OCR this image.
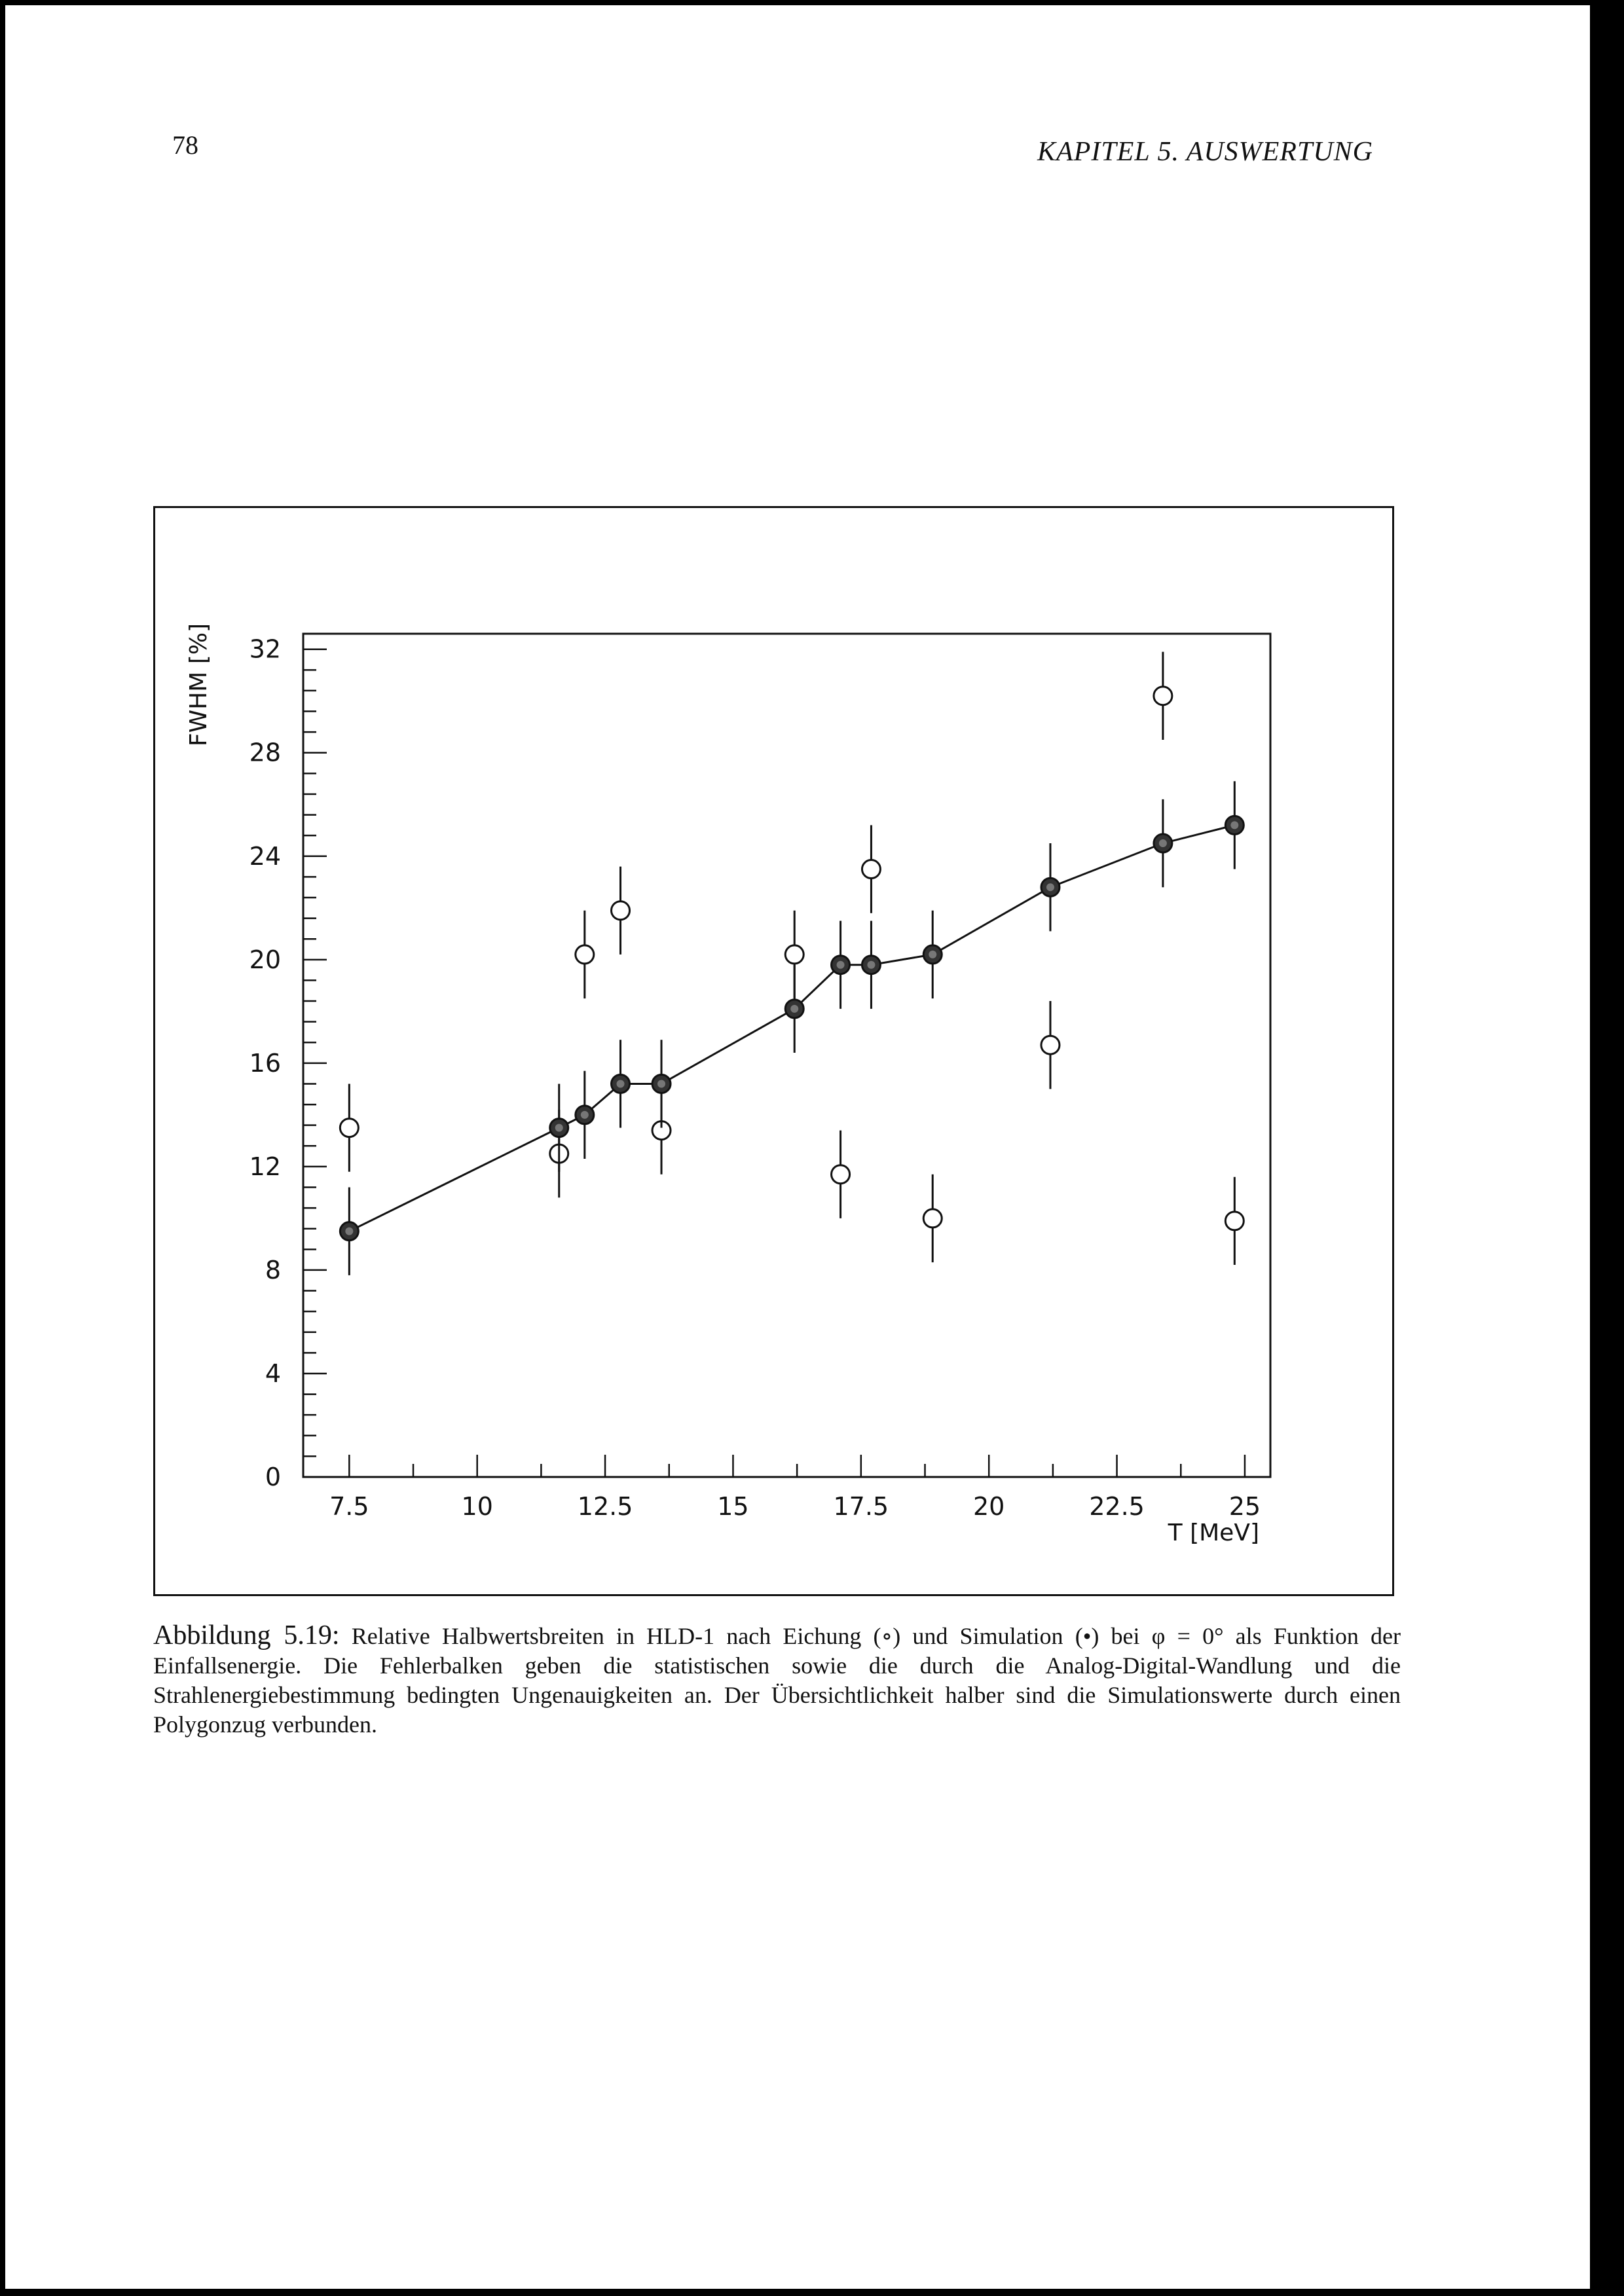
78	KAPITEL 5. AUSWERTUNG
0
4
8
12
16
20
24
28
32
7.5	10	12.5	15	17.5	20	22.5	25
T [MeV]
FWHM [%]
Abbildung 5.19: Relative Halbwertsbreiten in HLD-1 nach Eichung (∘) und Simulation (•) bei φ = 0° als Funktion der Einfallsenergie. Die Fehlerbalken geben die statistischen sowie die durch die Analog-Digital-Wandlung und die Strahlenergiebestimmung bedingten Ungenauigkeiten an. Der Übersichtlichkeit halber sind die Simulationswerte durch einen Polygonzug verbunden.
